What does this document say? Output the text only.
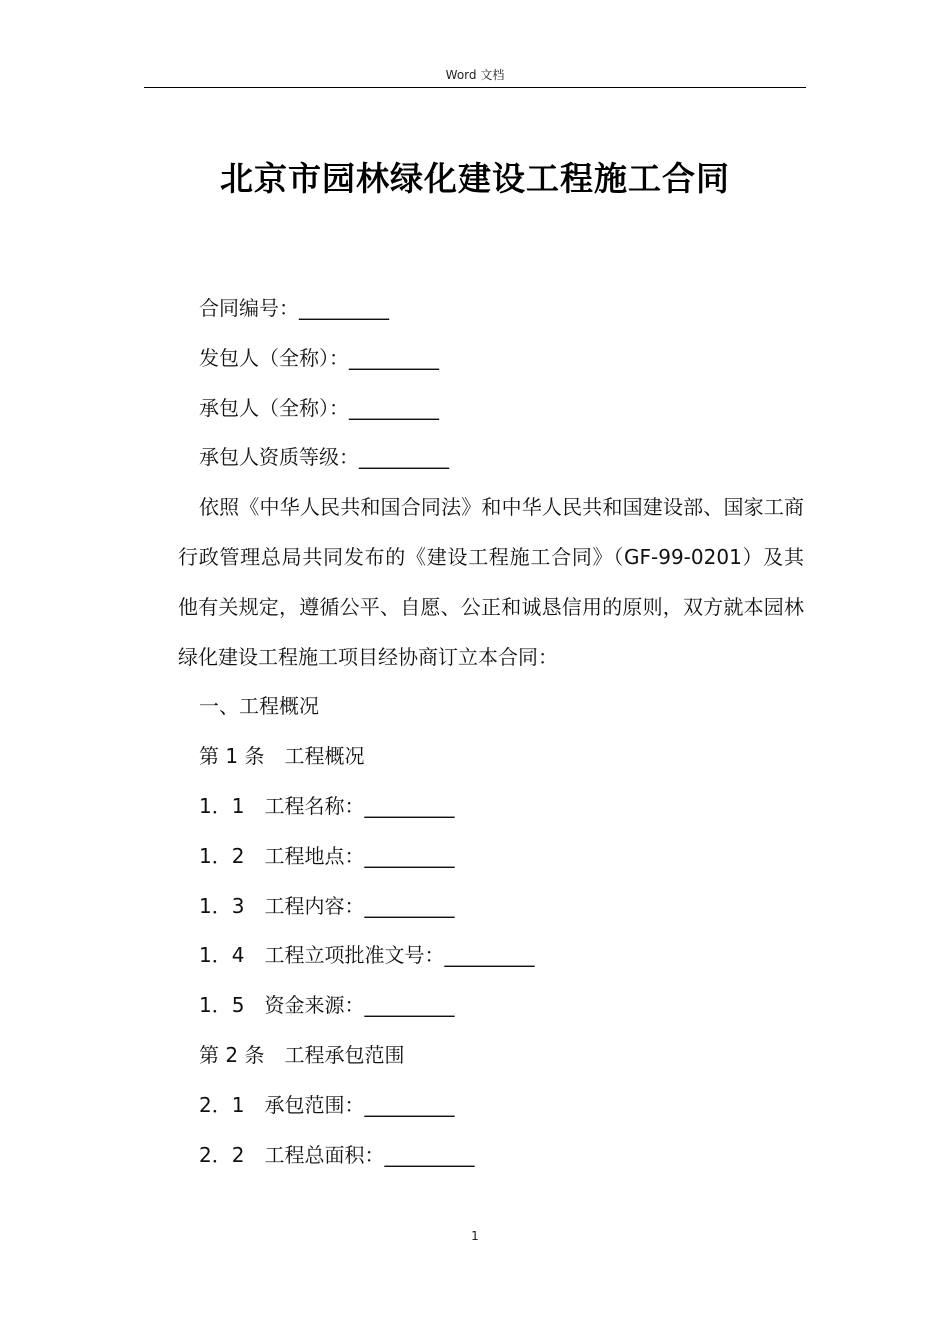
Word 文档
北京市园林绿化建设工程施工合同

合同编号：_________

发包人（全称）：_________

承包人（全称）：_________

承包人资质等级：_________

依照《中华人民共和国合同法》和中华人民共和国建设部、国家工商行政管理总局共同发布的《建设工程施工合同》（GF-99-0201）及其他有关规定，遵循公平、自愿、公正和诚恳信用的原则，双方就本园林绿化建设工程施工项目经协商订立本合同：

一、工程概况

第 1 条　工程概况

1．1　工程名称：_________

1．2　工程地点：_________

1．3　工程内容：_________

1．4　工程立项批准文号：_________

1．5　资金来源：_________

第 2 条　工程承包范围

2．1　承包范围：_________

2．2　工程总面积：_________

1
